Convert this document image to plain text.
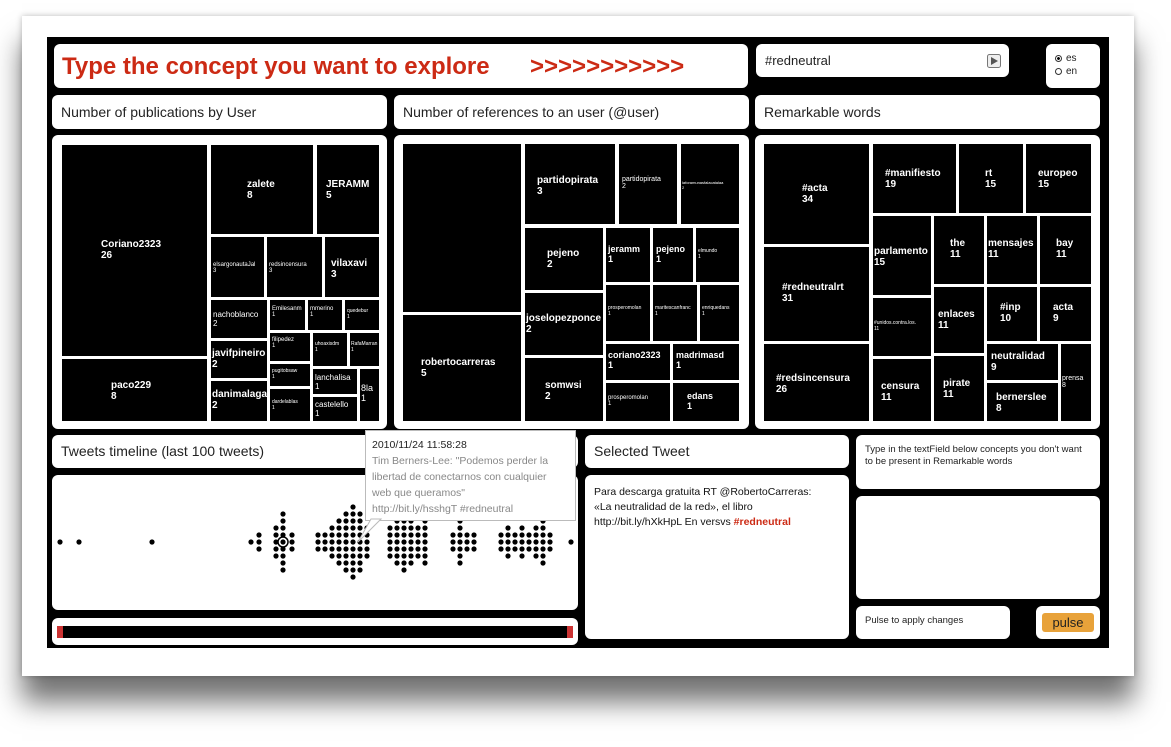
Type the concept you want to explore >>>>>>>>>>>	#redneutral	es
en
Number of publications by User	Number of references to an user (@user)	Remarkable words
Coriano2323
26
paco229
8
zalete
8
JERAMM
5
elsargonautaJal
3
redsincensura
3
vilaxavi
3
nachoblanco
2
Emilesanm
1
mmerino
1
quedebur
1
javifpineiro
2
filipedez
1	uhoaxisdm
1
RafaMarran
1
danimalaga
2
pugitobsaw
1	lanchalisa
1	8la
1
dardelablas
1	castelello
1
robertocarreras
5
partidopirata
3
partidopirata
2
laforamunasfalacatalaa
2
pejeno
2
jeramm
1
pejeno
1
elmundo
1
joselopezponce
2
prosperomolan
1
maritescanfranc
1
enriquedans
1
somwsi
2
coriano2323
1
madrimasd
1
prosperomolan
1
edans
1
#acta
34
#redneutralrt
31
#redsincensura
26
#manifiesto
19
rt
15
europeo
15
parlamento
15
the
11
mensajes
11
bay
11
#unidos.contra.los.
11
enlaces
11
#inp
10
acta
9
censura
11
pirate
11
neutralidad
9
bernerslee
8
prensa
8
Tweets timeline (last 100 tweets)	2010/11/24 11:58:28
Tim Berners-Lee: "Podemos perder la
libertad de conectarnos con cualquier
web que queramos"
http://bit.ly/hsshgT #redneutral
Selected Tweet
Para descarga gratuita RT @RobertoCarreras:
«La neutralidad de la red», el libro
http://bit.ly/hXkHpL En versvs #redneutral
Type in the textField below concepts you don't want to be present in Remarkable words
Pulse to apply changes	pulse
